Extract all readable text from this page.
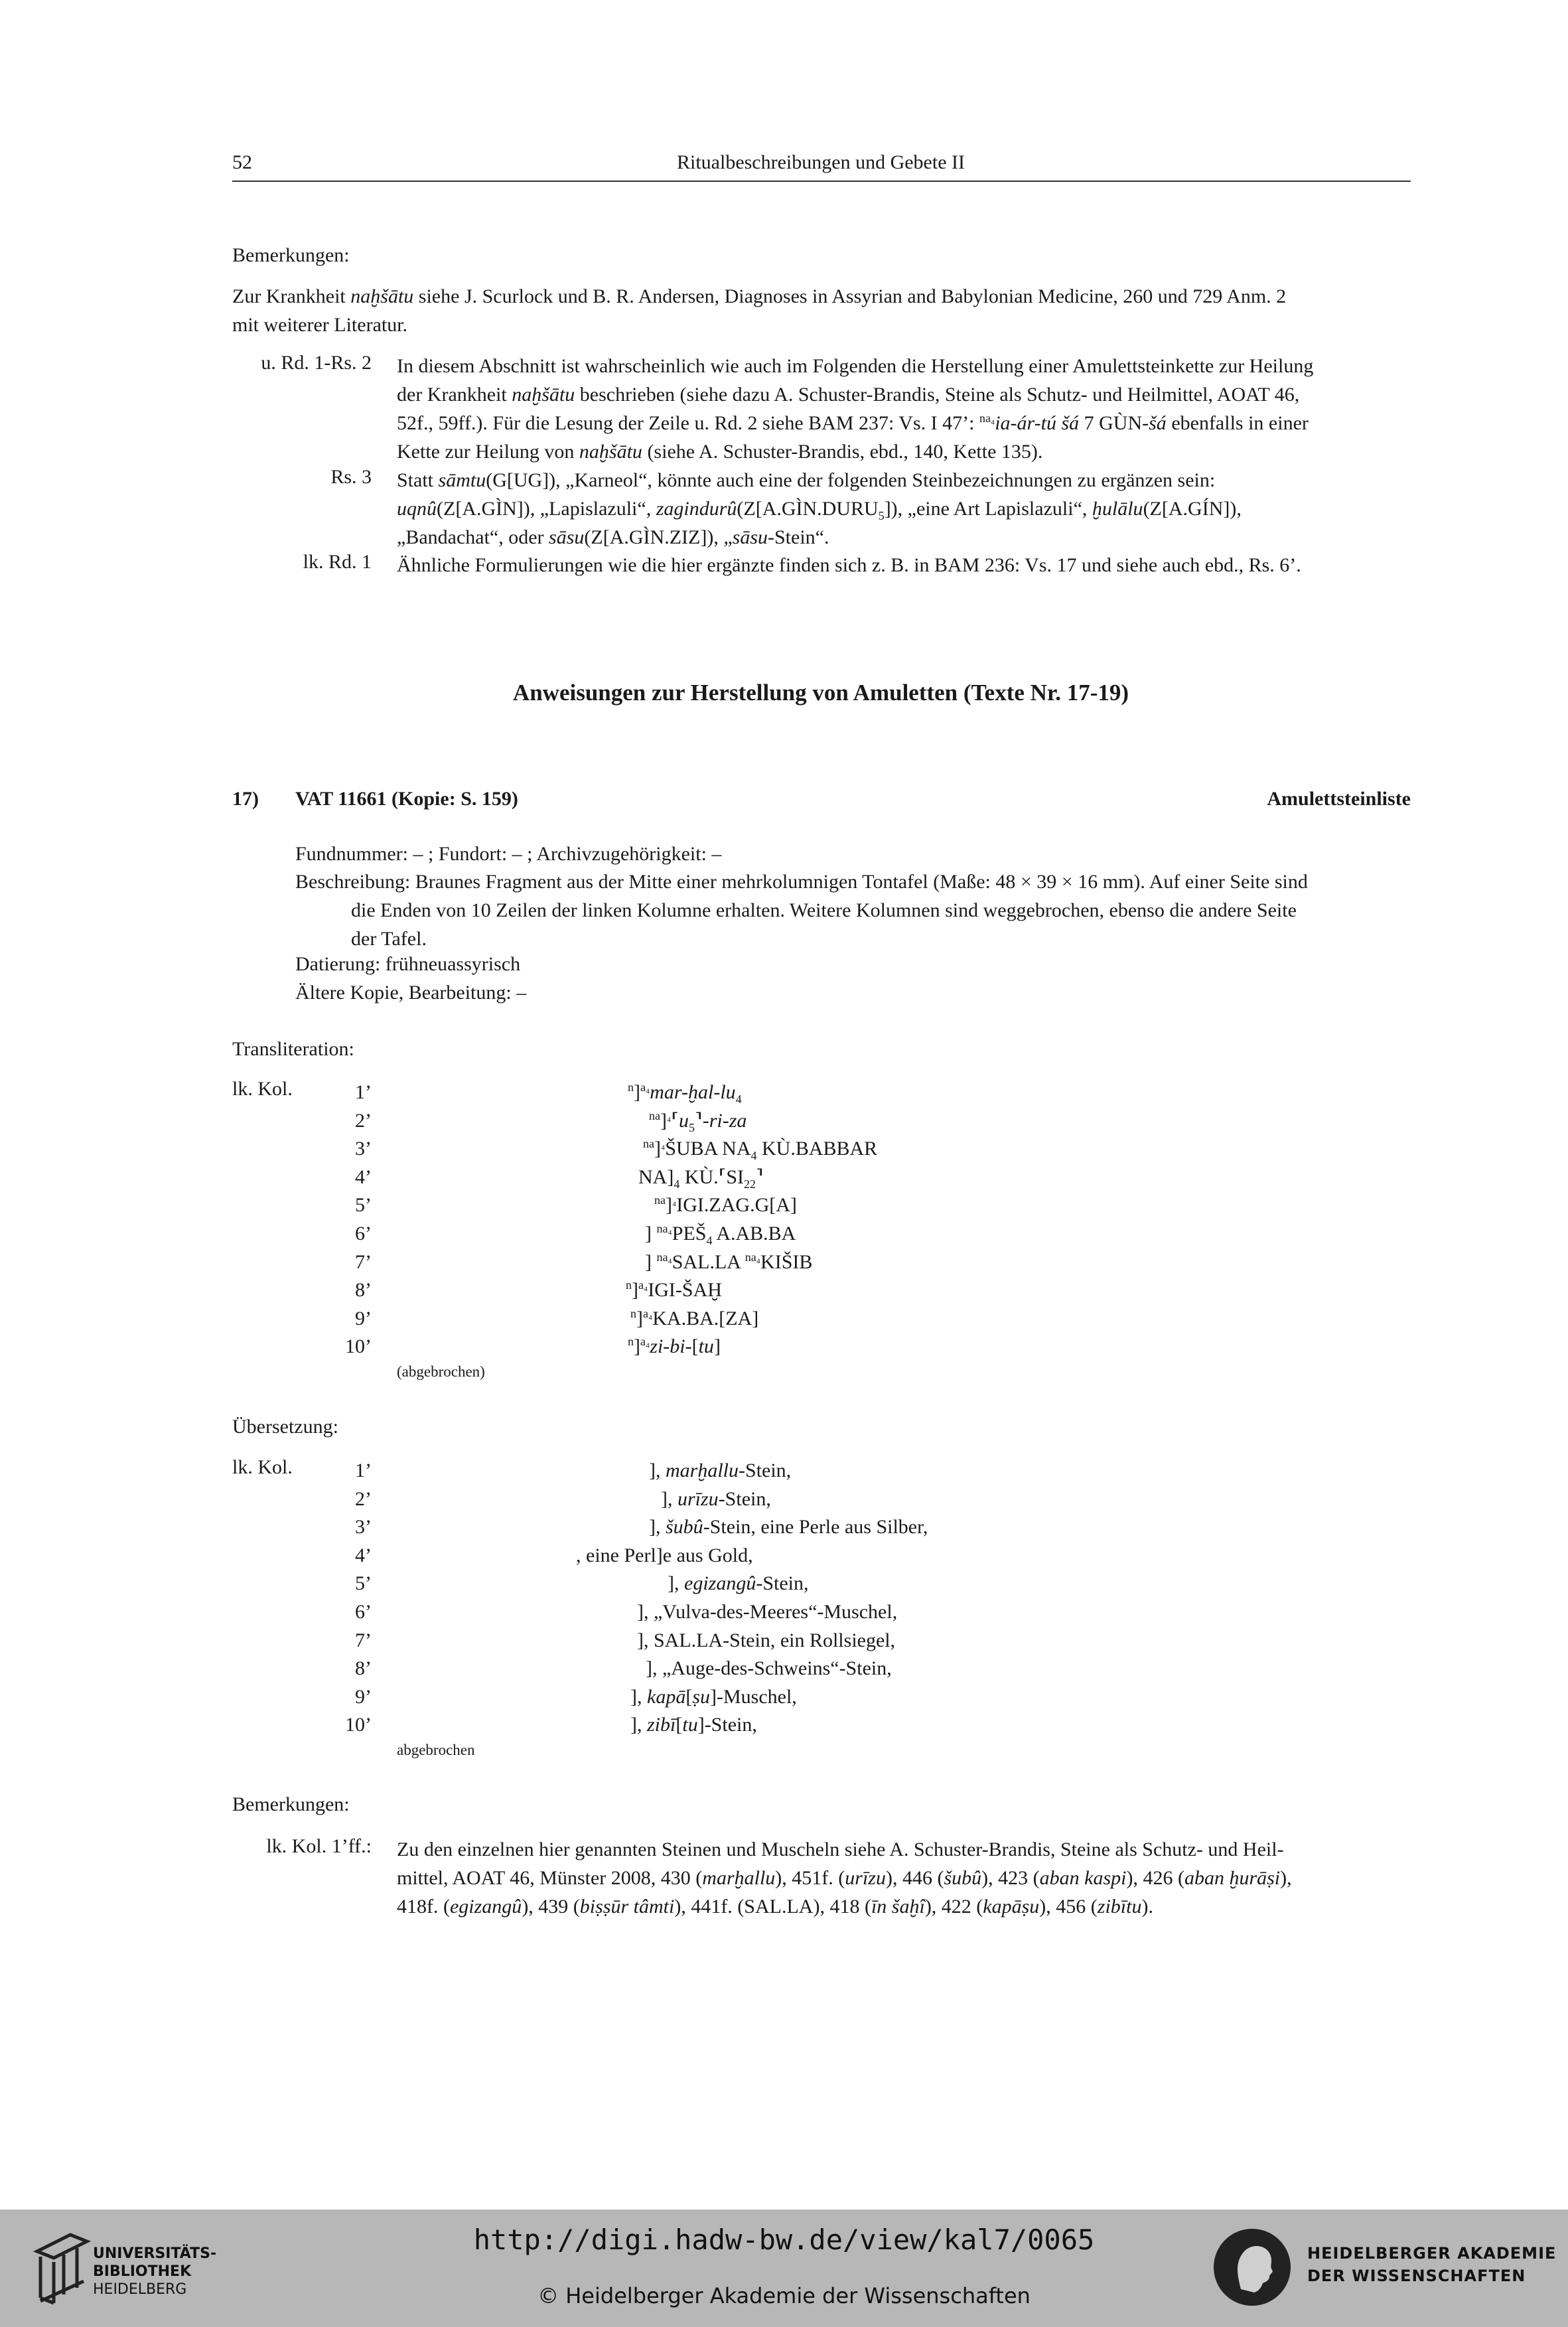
52	Ritualbeschreibungen und Gebete II
Bemerkungen:
Zur Krankheit naḫšātu siehe J. Scurlock und B. R. Andersen, Diagnoses in Assyrian and Babylonian Medicine, 260 und 729 Anm. 2
mit weiterer Literatur.
u. Rd. 1-Rs. 2 In diesem Abschnitt ist wahrscheinlich wie auch im Folgenden die Herstellung einer Amulettsteinkette zur Heilung
der Krankheit naḫšātu beschrieben (siehe dazu A. Schuster-Brandis, Steine als Schutz- und Heilmittel, AOAT 46,
52f., 59ff.). Für die Lesung der Zeile u. Rd. 2 siehe BAM 237: Vs. I 47’: $^{na_4}$ia-ár-tú šá 7 GÙN-šá ebenfalls in einer
Kette zur Heilung von naḫšātu (siehe A. Schuster-Brandis, ebd., 140, Kette 135).
Rs. 3 Statt sāmtu(G[UG]), „Karneol“, könnte auch eine der folgenden Steinbezeichnungen zu ergänzen sein:
uqnû(Z[A.GÌN]), „Lapislazuli“, $zagindurû(Z[A.GÌN.DURU_5])$, „eine Art Lapislazuli“, ḫulālu(Z[A.GÍN]),
„Bandachat“, oder sāsu(Z[A.GÌN.ZIZ]), „sāsu-Stein“.
lk. Rd. 1 Ähnliche Formulierungen wie die hier ergänzte finden sich z. B. in BAM 236: Vs. 17 und siehe auch ebd., Rs. 6’.
Anweisungen zur Herstellung von Amuletten (Texte Nr. 17-19)
17) VAT 11661 (Kopie: S. 159)	Amulettsteinliste
Fundnummer: – ; Fundort: – ; Archivzugehörigkeit: –
Beschreibung: Braunes Fragment aus der Mitte einer mehrkolumnigen Tontafel (Maße: 48 × 39 × 16 mm). Auf einer Seite sind
die Enden von 10 Zeilen der linken Kolumne erhalten. Weitere Kolumnen sind weggebrochen, ebenso die andere Seite
der Tafel.
Datierung: frühneuassyrisch
Ältere Kopie, Bearbeitung: –
Transliteration:
lk. Kol.	1’	$^n]^{a_4}mar-ḫal-lu_4$
2’	$^{na}]^{_4}⸢u_5⸣-ri-za$
3’	$^{na}$]$^{_4}$ŠUBA $NA_4$ KÙ.BABBAR
4’	$NA]_4$ $KÙ.⸢SI_{22}⸣$
5’	$^{na}$]$^{_4}$IGI.ZAG.G[A]
6’	] $^{na_4}PEŠ_4$ A.AB.BA
7’	] $^{na_4}$SAL.LA $^{na_4}$KIŠIB
8’	$^n$]$^{a_4}$IGI-ŠAḪ
9’	$^n$]$^{a_4}$KA.BA.[ZA]
10’	$^n$]$^{a_4}$zi-bi-[tu]
(abgebrochen)
Übersetzung:
lk. Kol.	1’	], marḫallu-Stein,
2’	], urīzu-Stein,
3’	], šubû-Stein, eine Perle aus Silber,
4’	, eine Perl]e aus Gold,
5’	], egizangû-Stein,
6’	], „Vulva-des-Meeres“-Muschel,
7’	], SAL.LA-Stein, ein Rollsiegel,
8’	], „Auge-des-Schweins“-Stein,
9’	], kapā[ṣu]-Muschel,
10’	], zibī[tu]-Stein,
abgebrochen
Bemerkungen:
lk. Kol. 1’ff.: Zu den einzelnen hier genannten Steinen und Muscheln siehe A. Schuster-Brandis, Steine als Schutz- und Heil-
mittel, AOAT 46, Münster 2008, 430 (marḫallu), 451f. (urīzu), 446 (šubû), 423 (aban kaspi), 426 (aban ḫurāṣi),
418f. (egizangû), 439 (biṣṣūr tâmti), 441f. (SAL.LA), 418 (īn šaḫî), 422 (kapāṣu), 456 (zibītu).
UNIVERSITÄTS-
BIBLIOTHEK
HEIDELBERG
http://digi.hadw-bw.de/view/kal7/0065
© Heidelberger Akademie der Wissenschaften
HEIDELBERGER AKADEMIE
DER WISSENSCHAFTEN
